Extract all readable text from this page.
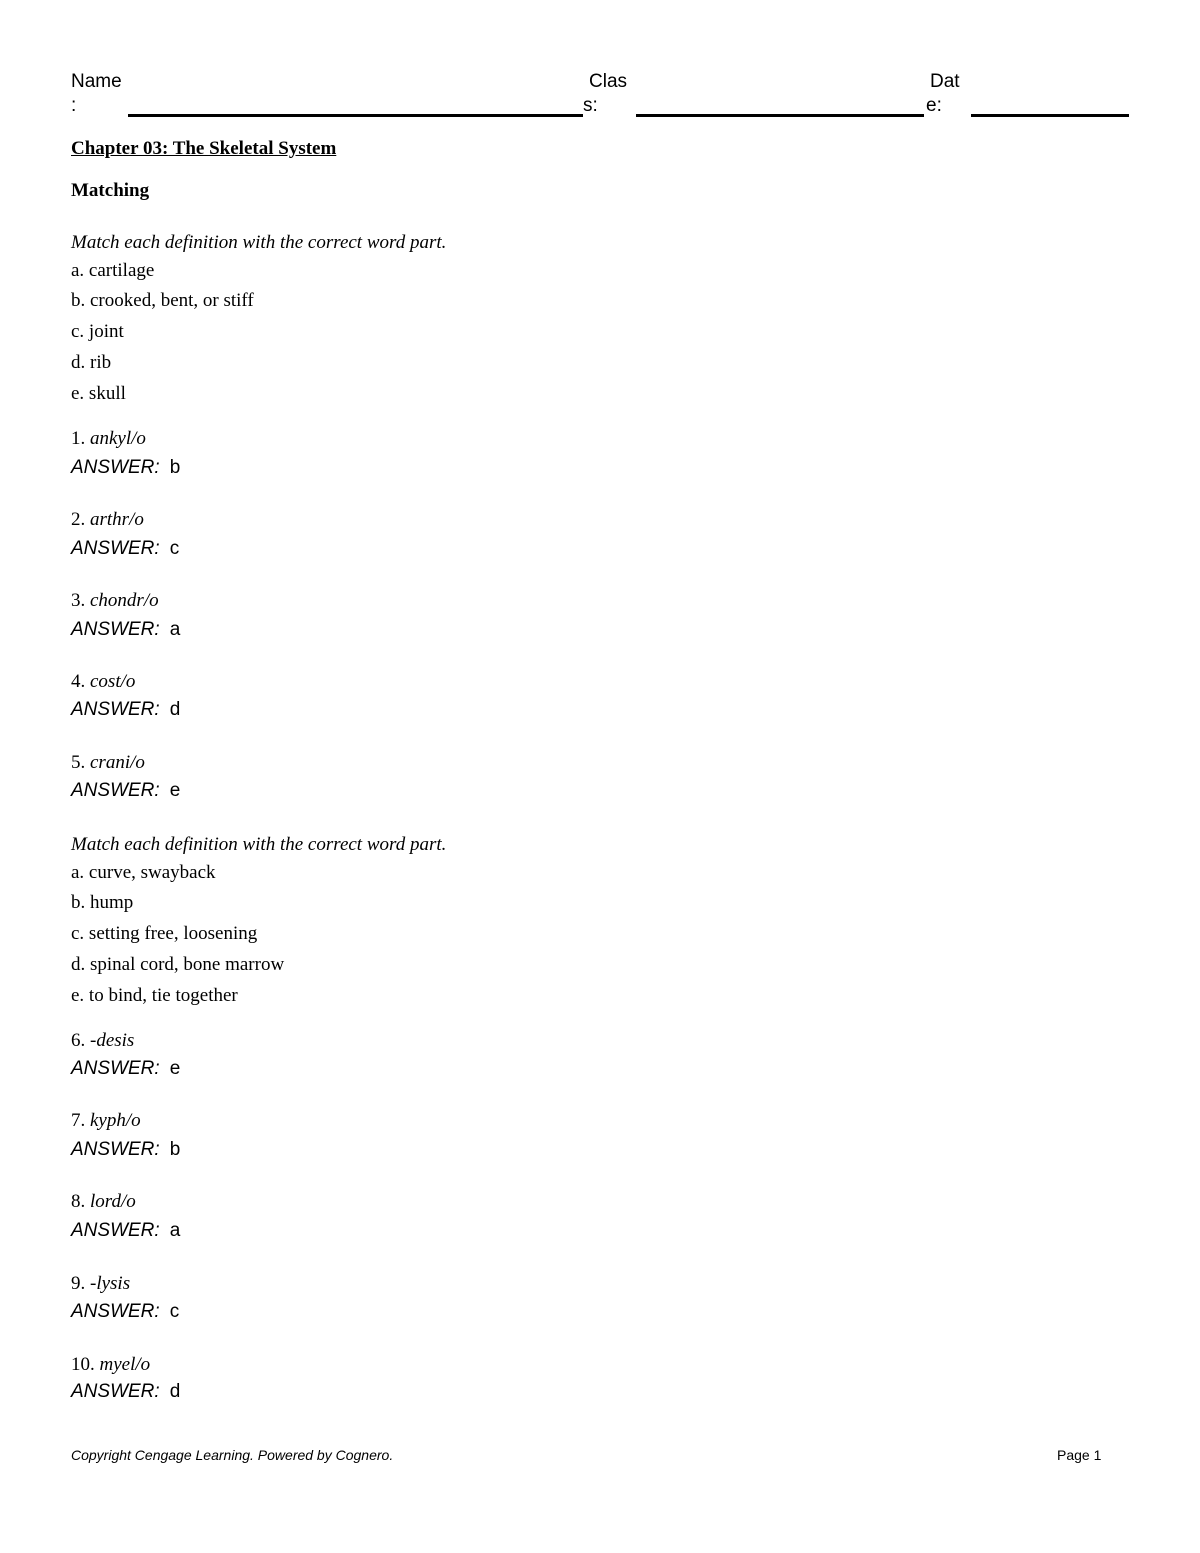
Name
:
Clas
s:
Dat
e:
Chapter 03: The Skeletal System
Matching
Match each definition with the correct word part.
a. cartilage
b. crooked, bent, or stiff
c. joint
d. rib
e. skull
1. ankyl/o
ANSWER: b
2. arthr/o
ANSWER: c
3. chondr/o
ANSWER: a
4. cost/o
ANSWER: d
5. crani/o
ANSWER: e
Match each definition with the correct word part.
a. curve, swayback
b. hump
c. setting free, loosening
d. spinal cord, bone marrow
e. to bind, tie together
6. -desis
ANSWER: e
7. kyph/o
ANSWER: b
8. lord/o
ANSWER: a
9. -lysis
ANSWER: c
10. myel/o
ANSWER: d
Copyright Cengage Learning. Powered by Cognero.	Page 1
